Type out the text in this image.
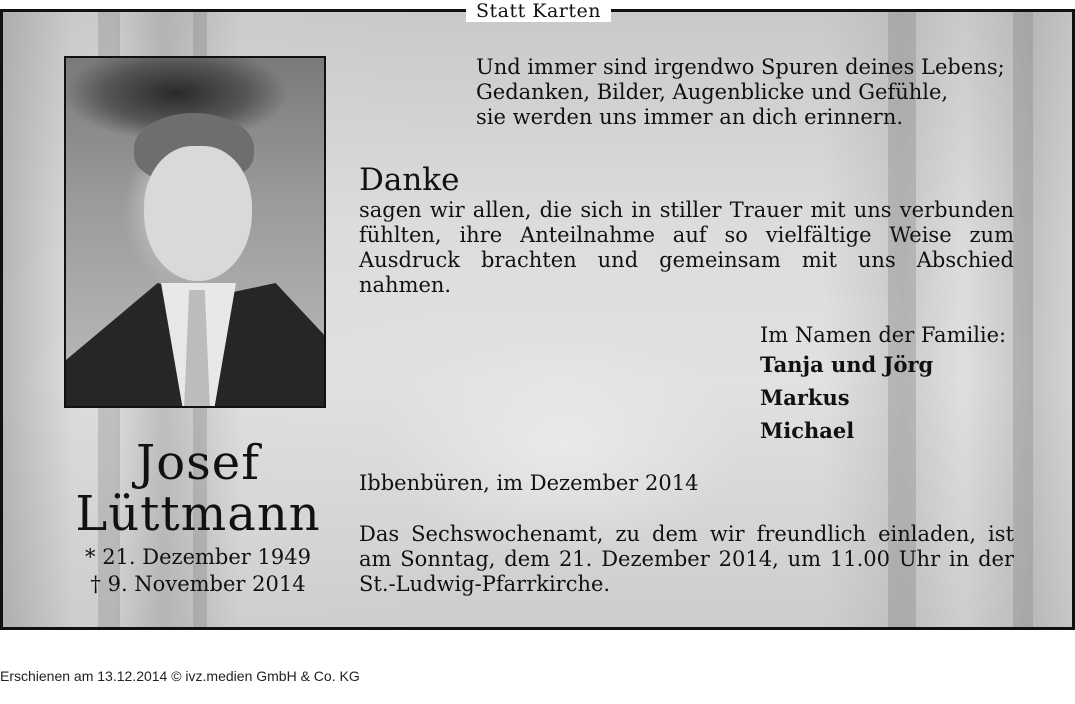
Statt Karten
Josef
Lüttmann
* 21. Dezember 1949
† 9. November 2014
Und immer sind irgendwo Spuren deines Lebens;
Gedanken, Bilder, Augenblicke und Gefühle,
sie werden uns immer an dich erinnern.
Danke
sagen wir allen, die sich in stiller Trauer mit uns verbunden fühlten, ihre Anteilnahme auf so vielfältige Weise zum Ausdruck brachten und gemeinsam mit uns Abschied nahmen.
Im Namen der Familie:
Tanja und Jörg
Markus
Michael
Ibbenbüren, im Dezember 2014
Das Sechswochenamt, zu dem wir freundlich einladen, ist am Sonntag, dem 21. Dezember 2014, um 11.00 Uhr in der St.-Ludwig-Pfarrkirche.
Erschienen am 13.12.2014 © ivz.medien GmbH & Co. KG
